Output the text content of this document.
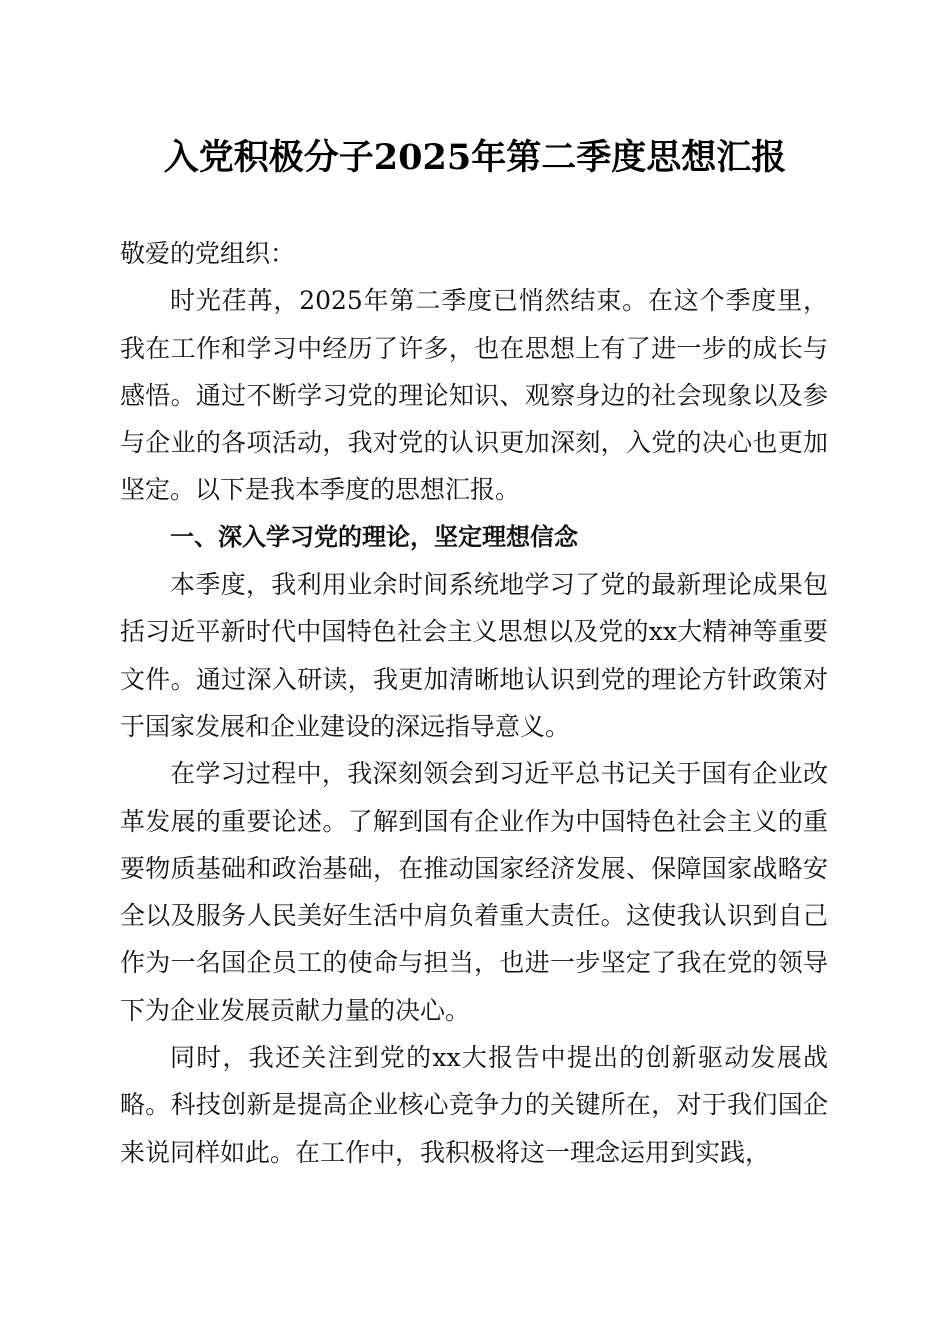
入党积极分子2025年第二季度思想汇报

敬爱的党组织：

时光荏苒，2025年第二季度已悄然结束。在这个季度里，我在工作和学习中经历了许多，也在思想上有了进一步的成长与感悟。通过不断学习党的理论知识、观察身边的社会现象以及参与企业的各项活动，我对党的认识更加深刻，入党的决心也更加坚定。以下是我本季度的思想汇报。

一、深入学习党的理论，坚定理想信念

本季度，我利用业余时间系统地学习了党的最新理论成果包括习近平新时代中国特色社会主义思想以及党的xx大精神等重要文件。通过深入研读，我更加清晰地认识到党的理论方针政策对于国家发展和企业建设的深远指导意义。

在学习过程中，我深刻领会到习近平总书记关于国有企业改革发展的重要论述。了解到国有企业作为中国特色社会主义的重要物质基础和政治基础，在推动国家经济发展、保障国家战略安全以及服务人民美好生活中肩负着重大责任。这使我认识到自己作为一名国企员工的使命与担当，也进一步坚定了我在党的领导下为企业发展贡献力量的决心。

同时，我还关注到党的xx大报告中提出的创新驱动发展战略。科技创新是提高企业核心竞争力的关键所在，对于我们国企来说同样如此。在工作中，我积极将这一理念运用到实践，
